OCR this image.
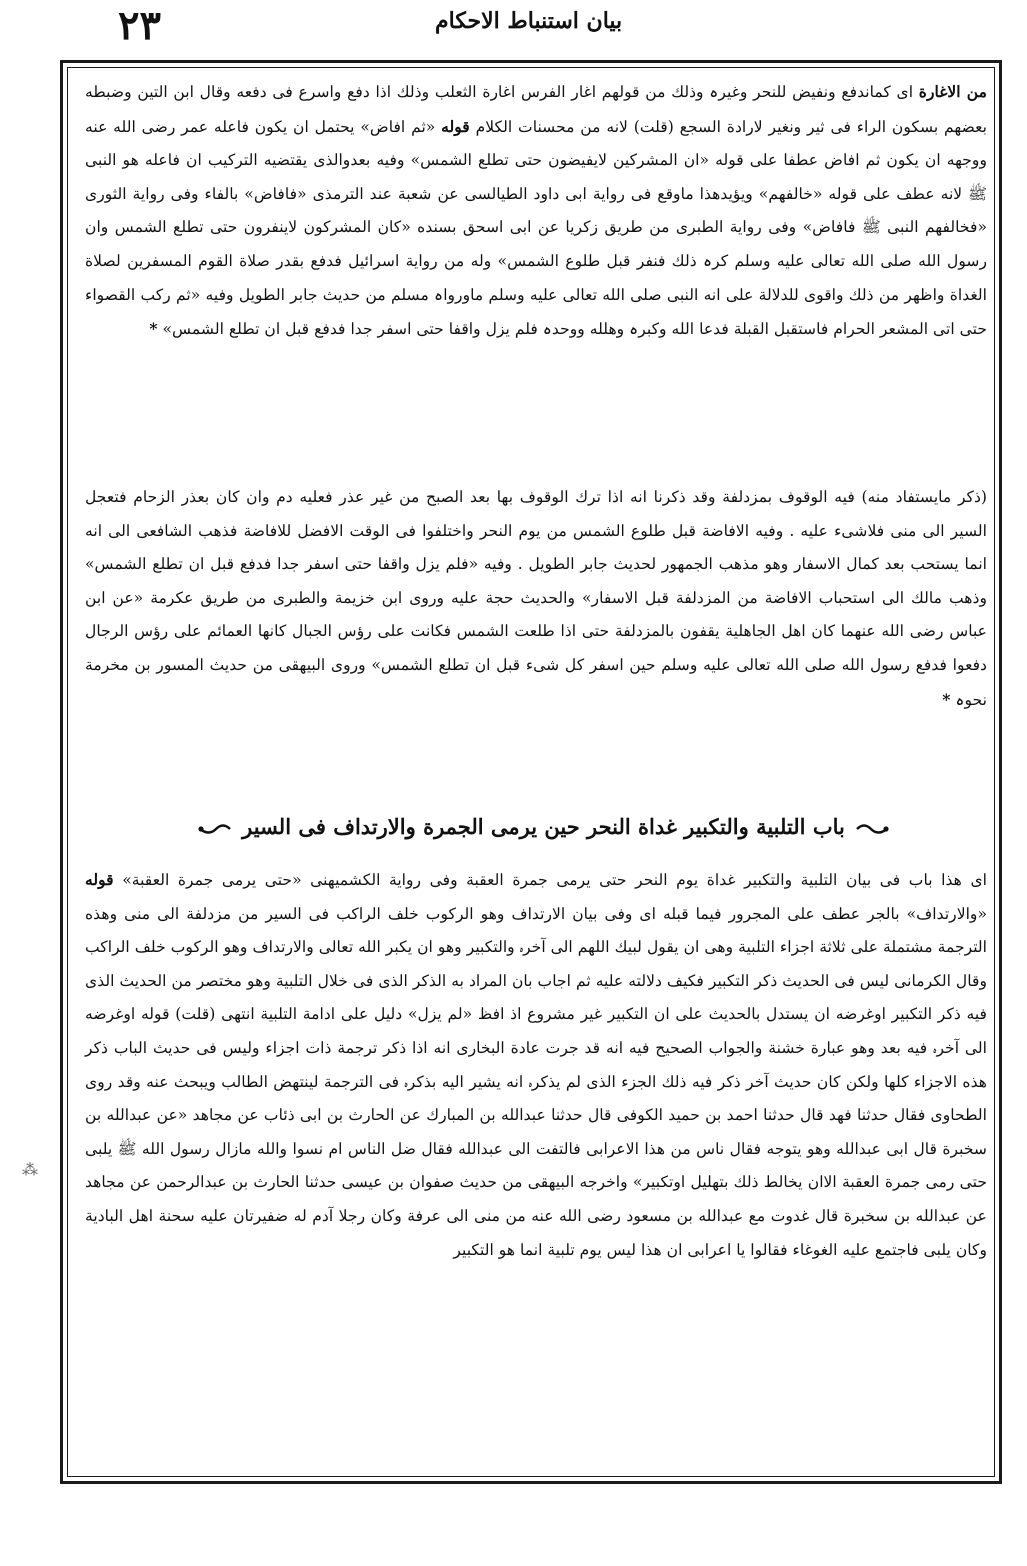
٢٣	بیان استنباط الاحکام
⁂

من الاغارة ای کماندفع ونفیض للنحر وغیرہ وذلك من قولهم اغار الفرس اغارة الثعلب وذلك اذا دفع واسرع فی دفعه وقال ابن التین وضبطه بعضهم بسکون الراء فی ثیر ونغیر لارادة السجع (قلت) لانه من محسنات الکلام قوله «ثم افاض» یحتمل ان یکون فاعله عمر رضی الله عنه ووجهه ان یکون ثم افاض عطفا علی قوله «ان المشرکین لایفیضون حتی تطلع الشمس» وفیه بعدوالذی یقتضیه الترکیب ان فاعله هو النبی ﷺ لانه عطف علی قوله «خالفهم» ویؤیدهذا ماوقع فی روایة ابی داود الطیالسی عن شعبة عند الترمذی «فافاض» بالفاء وفی روایة الثوری «فخالفهم النبی ﷺ فافاض» وفی روایة الطبری من طریق زکریا عن ابی اسحق بسنده «کان المشرکون لاینفرون حتی تطلع الشمس وان رسول الله صلی الله تعالی علیه وسلم کرہ ذلك فنفر قبل طلوع الشمس» وله من روایة اسرائیل فدفع بقدر صلاة القوم المسفرین لصلاة الغداة واظهر من ذلك واقوی للدلالة علی انه النبی صلی الله تعالی علیه وسلم ماورواہ مسلم من حدیث جابر الطویل وفیه «ثم رکب القصواء حتی اتی المشعر الحرام فاستقبل القبلة فدعا الله وکبرہ وهلله ووحدہ فلم یزل واقفا حتی اسفر جدا فدفع قبل ان تطلع الشمس» *

(ذکر مایستفاد منه) فیه الوقوف بمزدلفة وقد ذکرنا انه اذا ترك الوقوف بها بعد الصبح من غیر عذر فعلیه دم وان کان بعذر الزحام فتعجل السیر الی منی فلاشیء علیه . وفیه الافاضة قبل طلوع الشمس من یوم النحر واختلفوا فی الوقت الافضل للافاضة فذهب الشافعی الی انه انما یستحب بعد کمال الاسفار وهو مذهب الجمهور لحدیث جابر الطویل . وفیه «فلم یزل واقفا حتی اسفر جدا فدفع قبل ان تطلع الشمس» وذهب مالك الی استحباب الافاضة من المزدلفة قبل الاسفار» والحدیث حجة علیه وروی ابن خزیمة والطبری من طریق عکرمة «عن ابن عباس رضی الله عنهما کان اهل الجاهلیة یقفون بالمزدلفة حتی اذا طلعت الشمس فکانت علی رؤس الجبال کانها العمائم علی رؤس الرجال دفعوا فدفع رسول الله صلی الله تعالی علیه وسلم حین اسفر کل شیء قبل ان تطلع الشمس» وروی البیهقی من حدیث المسور بن مخرمة نحوہ *

باب التلبیة والتکبیر غداة النحر حین یرمی الجمرة والارتداف فی السیر

ای هذا باب فی بیان التلبیة والتکبیر غداة یوم النحر حتی یرمی جمرة العقبة وفی روایة الکشمیهنی «حتی یرمی جمرة العقبة» قوله «والارتداف» بالجر عطف علی المجرور فیما قبله ای وفی بیان الارتداف وهو الرکوب خلف الراکب فی السیر من مزدلفة الی منی وهذه الترجمة مشتملة علی ثلاثة اجزاء التلبیة وهی ان یقول لبیك اللهم الی آخرہ والتکبیر وهو ان یکبر الله تعالی والارتداف وهو الرکوب خلف الراکب وقال الکرمانی لیس فی الحدیث ذکر التکبیر فکیف دلالته علیه ثم اجاب بان المراد به الذکر الذی فی خلال التلبیة وهو مختصر من الحدیث الذی فیه ذکر التکبیر اوغرضه ان یستدل بالحدیث علی ان التکبیر غیر مشروع اذ افظ «لم یزل» دلیل علی ادامة التلبیة انتهی (قلت) قوله اوغرضه الی آخرہ فیه بعد وهو عبارة خشنة والجواب الصحیح فیه انه قد جرت عادة البخاری انه اذا ذکر ترجمة ذات اجزاء ولیس فی حدیث الباب ذکر هذه الاجزاء کلها ولکن کان حدیث آخر ذکر فیه ذلك الجزء الذی لم یذکرہ انه یشیر الیه بذکرہ فی الترجمة لینتهض الطالب ویبحث عنه وقد روی الطحاوی فقال حدثنا فهد قال حدثنا احمد بن حمید الکوفی قال حدثنا عبدالله بن المبارك عن الحارث بن ابی ذئاب عن مجاهد «عن عبدالله بن سخبرة قال ابی عبدالله وهو یتوجه فقال ناس من هذا الاعرابی فالتفت الی عبدالله فقال ضل الناس ام نسوا والله مازال رسول الله ﷺ یلبی حتی رمی جمرة العقبة الاان یخالط ذلك بتهلیل اوتکبیر» واخرجه البیهقی من حدیث صفوان بن عیسی حدثنا الحارث بن عبدالرحمن عن مجاهد عن عبدالله بن سخبرة قال غدوت مع عبدالله بن مسعود رضی الله عنه من منی الی عرفة وکان رجلا آدم له ضفیرتان علیه سحنة اهل البادیة وکان یلبی فاجتمع علیه الغوغاء فقالوا یا اعرابی ان هذا لیس یوم تلبیة انما هو التکبیر
